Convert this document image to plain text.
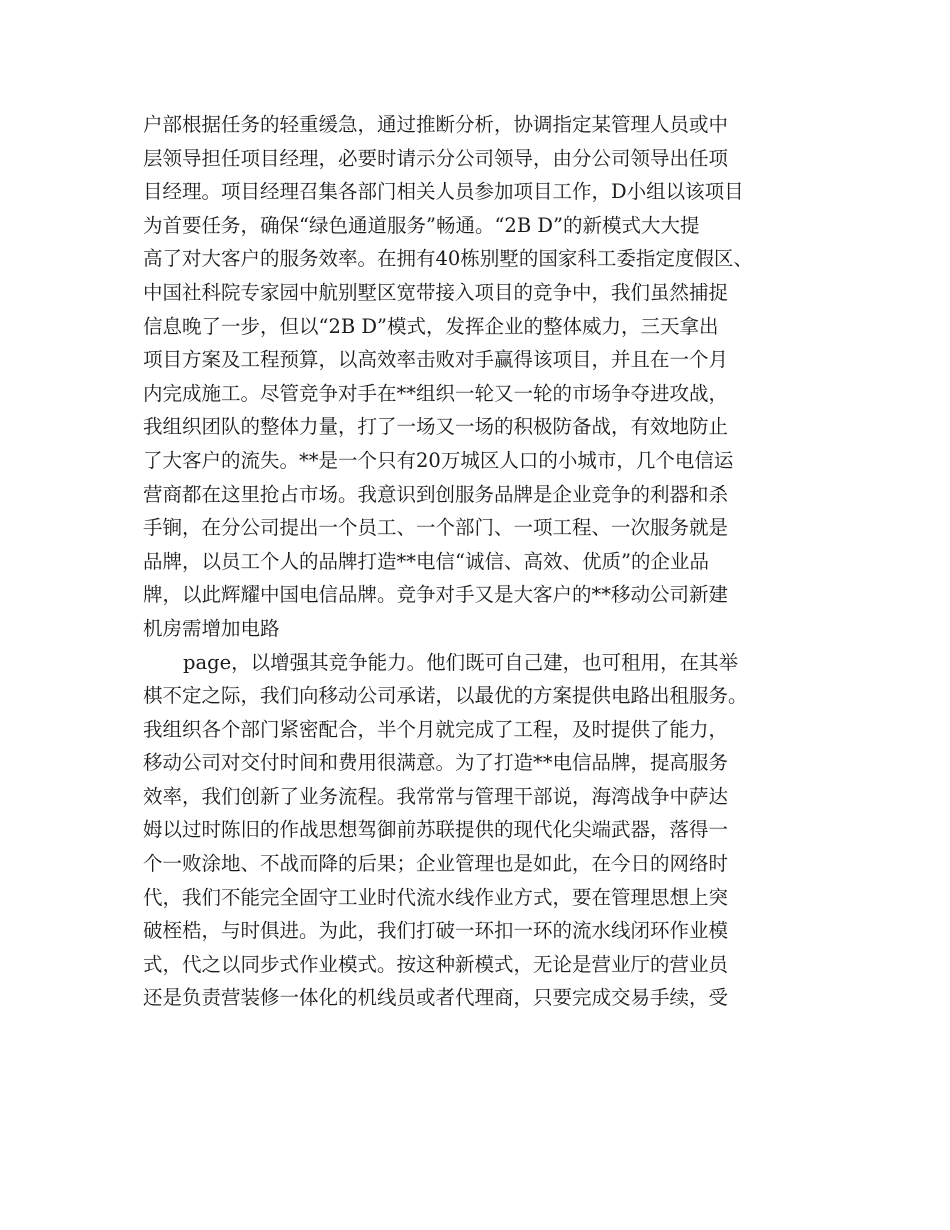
户部根据任务的轻重缓急，通过推断分析，协调指定某管理人员或中
层领导担任项目经理，必要时请示分公司领导，由分公司领导出任项
目经理。项目经理召集各部门相关人员参加项目工作，D小组以该项目
为首要任务，确保“绿色通道服务”畅通。“2B D”的新模式大大提
高了对大客户的服务效率。在拥有40栋别墅的国家科工委指定度假区、
中国社科院专家园中航别墅区宽带接入项目的竞争中，我们虽然捕捉
信息晚了一步，但以“2B D”模式，发挥企业的整体威力，三天拿出
项目方案及工程预算，以高效率击败对手赢得该项目，并且在一个月
内完成施工。尽管竞争对手在**组织一轮又一轮的市场争夺进攻战，
我组织团队的整体力量，打了一场又一场的积极防备战，有效地防止
了大客户的流失。**是一个只有20万城区人口的小城市，几个电信运
营商都在这里抢占市场。我意识到创服务品牌是企业竞争的利器和杀
手锏，在分公司提出一个员工、一个部门、一项工程、一次服务就是
品牌，以员工个人的品牌打造**电信“诚信、高效、优质”的企业品
牌，以此辉耀中国电信品牌。竞争对手又是大客户的**移动公司新建
机房需增加电路
page，以增强其竞争能力。他们既可自己建，也可租用，在其举
棋不定之际，我们向移动公司承诺，以最优的方案提供电路出租服务。
我组织各个部门紧密配合，半个月就完成了工程，及时提供了能力，
移动公司对交付时间和费用很满意。为了打造**电信品牌，提高服务
效率，我们创新了业务流程。我常常与管理干部说，海湾战争中萨达
姆以过时陈旧的作战思想驾御前苏联提供的现代化尖端武器，落得一
个一败涂地、不战而降的后果；企业管理也是如此，在今日的网络时
代，我们不能完全固守工业时代流水线作业方式，要在管理思想上突
破桎梏，与时俱进。为此，我们打破一环扣一环的流水线闭环作业模
式，代之以同步式作业模式。按这种新模式，无论是营业厅的营业员
还是负责营装修一体化的机线员或者代理商，只要完成交易手续，受
